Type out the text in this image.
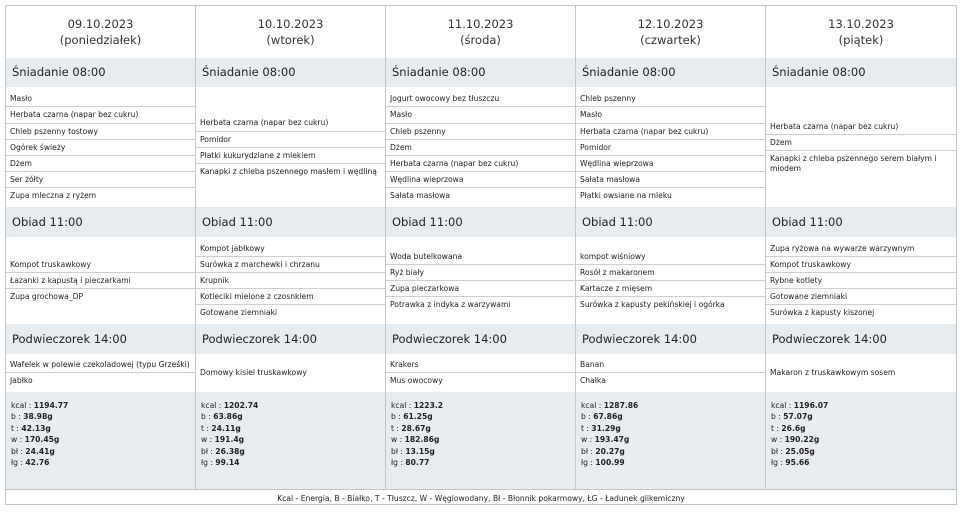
09.10.2023
(poniedziałek)
Śniadanie 08:00
Masło
Herbata czarna (napar bez cukru)
Chleb pszenny tostowy
Ogórek świeży
Dżem
Ser żółty
Zupa mleczna z ryżem
Obiad 11:00
Kompot truskawkowy
Łazanki z kapustą i pieczarkami
Zupa grochowa_DP
Podwieczorek 14:00
Wafelek w polewie czekoladowej (typu Grześki)
Jabłko
kcal : 1194.77
b : 38.98g
t : 42.13g
w : 170.45g
bł : 24.41g
łg : 42.76
10.10.2023
(wtorek)
Śniadanie 08:00
Herbata czarna (napar bez cukru)
Pomidor
Płatki kukurydziane z mlekiem
Kanapki z chleba pszennego masłem i wędliną
Obiad 11:00
Kompot jabłkowy
Surówka z marchewki i chrzanu
Krupnik
Kotleciki mielone z czosnkiem
Gotowane ziemniaki
Podwieczorek 14:00
Domowy kisiel truskawkowy
kcal : 1202.74
b : 63.86g
t : 24.11g
w : 191.4g
bł : 26.38g
łg : 99.14
11.10.2023
(środa)
Śniadanie 08:00
Jogurt owocowy bez tłuszczu
Masło
Chleb pszenny
Dżem
Herbata czarna (napar bez cukru)
Wędlina wieprzowa
Sałata masłowa
Obiad 11:00
Woda butelkowana
Ryż biały
Zupa pieczarkowa
Potrawka z indyka z warzywami
Podwieczorek 14:00
Krakers
Mus owocowy
kcal : 1223.2
b : 61.25g
t : 28.67g
w : 182.86g
bł : 13.15g
łg : 80.77
12.10.2023
(czwartek)
Śniadanie 08:00
Chleb pszenny
Masło
Herbata czarna (napar bez cukru)
Pomidor
Wędlina wieprzowa
Sałata masłowa
Płatki owsiane na mleku
Obiad 11:00
kompot wiśniowy
Rosół z makaronem
Kartacze z mięsem
Surówka z kapusty pekińskiej i ogórka
Podwieczorek 14:00
Banan
Chałka
kcal : 1287.86
b : 67.86g
t : 31.29g
w : 193.47g
bł : 20.27g
łg : 100.99
13.10.2023
(piątek)
Śniadanie 08:00
Herbata czarna (napar bez cukru)
Dżem
Kanapki z chleba pszennego serem białym i miodem
Obiad 11:00
Zupa ryżowa na wywarze warzywnym
Kompot truskawkowy
Rybne kotlety
Gotowane ziemniaki
Surówka z kapusty kiszonej
Podwieczorek 14:00
Makaron z truskawkowym sosem
kcal : 1196.07
b : 57.07g
t : 26.6g
w : 190.22g
bł : 25.05g
łg : 95.66
Kcal - Energia, B - Białko, T - Tłuszcz, W - Węglowodany, Bł - Błonnik pokarmowy, ŁG - Ładunek glikemiczny
